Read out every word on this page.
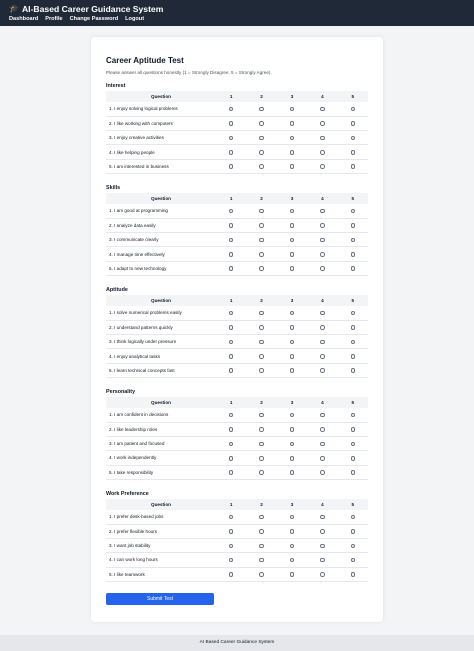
🎓 AI-Based Career Guidance System
Dashboard Profile Change Password Logout
Career Aptitude Test
Please answer all questions honestly (1 = Strongly Disagree, 5 = Strongly Agree).
Interest
Question	1	2	3	4	5
1. I enjoy solving logical problems					
2. I like working with computers					
3. I enjoy creative activities					
4. I like helping people					
5. I am interested in business					
Skills
Question	1	2	3	4	5
1. I am good at programming					
2. I analyze data easily					
3. I communicate clearly					
4. I manage time effectively					
5. I adapt to new technology					
Aptitude
Question	1	2	3	4	5
1. I solve numerical problems easily					
2. I understand patterns quickly					
3. I think logically under pressure					
4. I enjoy analytical tasks					
5. I learn technical concepts fast					
Personality
Question	1	2	3	4	5
1. I am confident in decisions					
2. I like leadership roles					
3. I am patient and focused					
4. I work independently					
5. I take responsibility					
Work Preference
Question	1	2	3	4	5
1. I prefer desk-based jobs					
2. I prefer flexible hours					
3. I want job stability					
4. I can work long hours					
5. I like teamwork					
Submit Test
AI Based Career Guidance System
